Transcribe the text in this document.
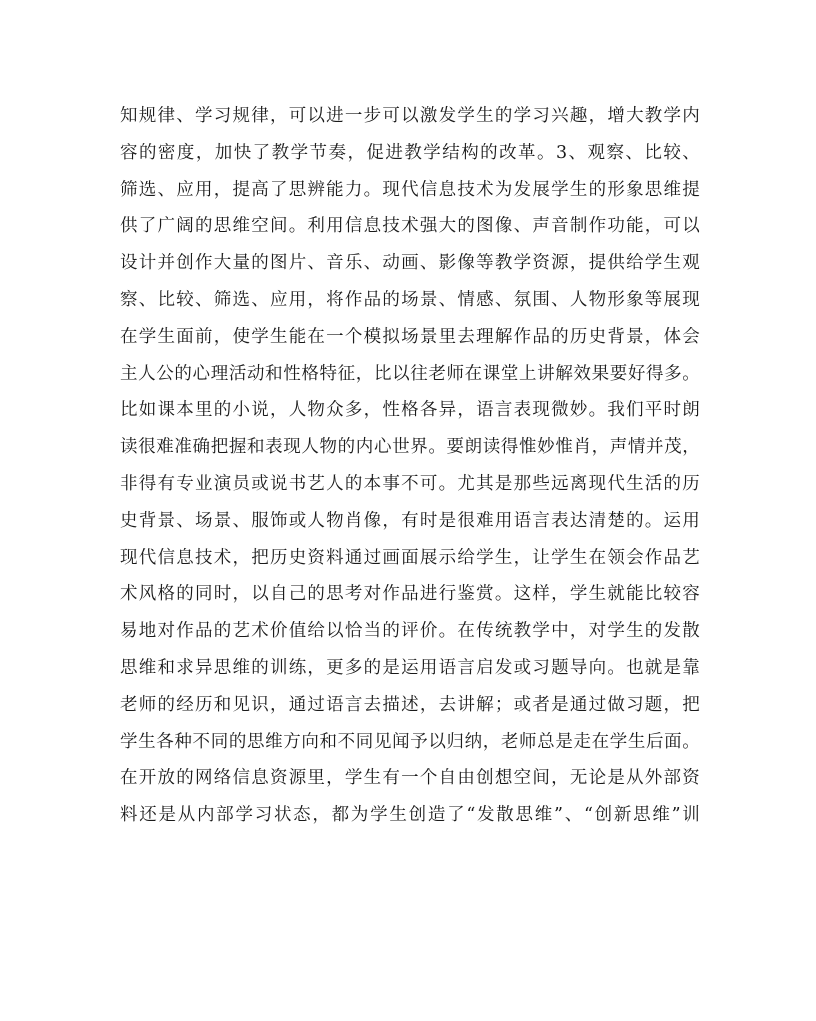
知规律、学习规律，可以进一步可以激发学生的学习兴趣，增大教学内
容的密度，加快了教学节奏，促进教学结构的改革。3、观察、比较、
筛选、应用，提高了思辨能力。现代信息技术为发展学生的形象思维提
供了广阔的思维空间。利用信息技术强大的图像、声音制作功能，可以
设计并创作大量的图片、音乐、动画、影像等教学资源，提供给学生观
察、比较、筛选、应用，将作品的场景、情感、氛围、人物形象等展现
在学生面前，使学生能在一个模拟场景里去理解作品的历史背景，体会
主人公的心理活动和性格特征，比以往老师在课堂上讲解效果要好得多。
比如课本里的小说，人物众多，性格各异，语言表现微妙。我们平时朗
读很难准确把握和表现人物的内心世界。要朗读得惟妙惟肖，声情并茂，
非得有专业演员或说书艺人的本事不可。尤其是那些远离现代生活的历
史背景、场景、服饰或人物肖像，有时是很难用语言表达清楚的。运用
现代信息技术，把历史资料通过画面展示给学生，让学生在领会作品艺
术风格的同时，以自己的思考对作品进行鉴赏。这样，学生就能比较容
易地对作品的艺术价值给以恰当的评价。在传统教学中，对学生的发散
思维和求异思维的训练，更多的是运用语言启发或习题导向。也就是靠
老师的经历和见识，通过语言去描述，去讲解；或者是通过做习题，把
学生各种不同的思维方向和不同见闻予以归纳，老师总是走在学生后面。
在开放的网络信息资源里，学生有一个自由创想空间，无论是从外部资
料还是从内部学习状态，都为学生创造了“发散思维”、“创新思维”训
